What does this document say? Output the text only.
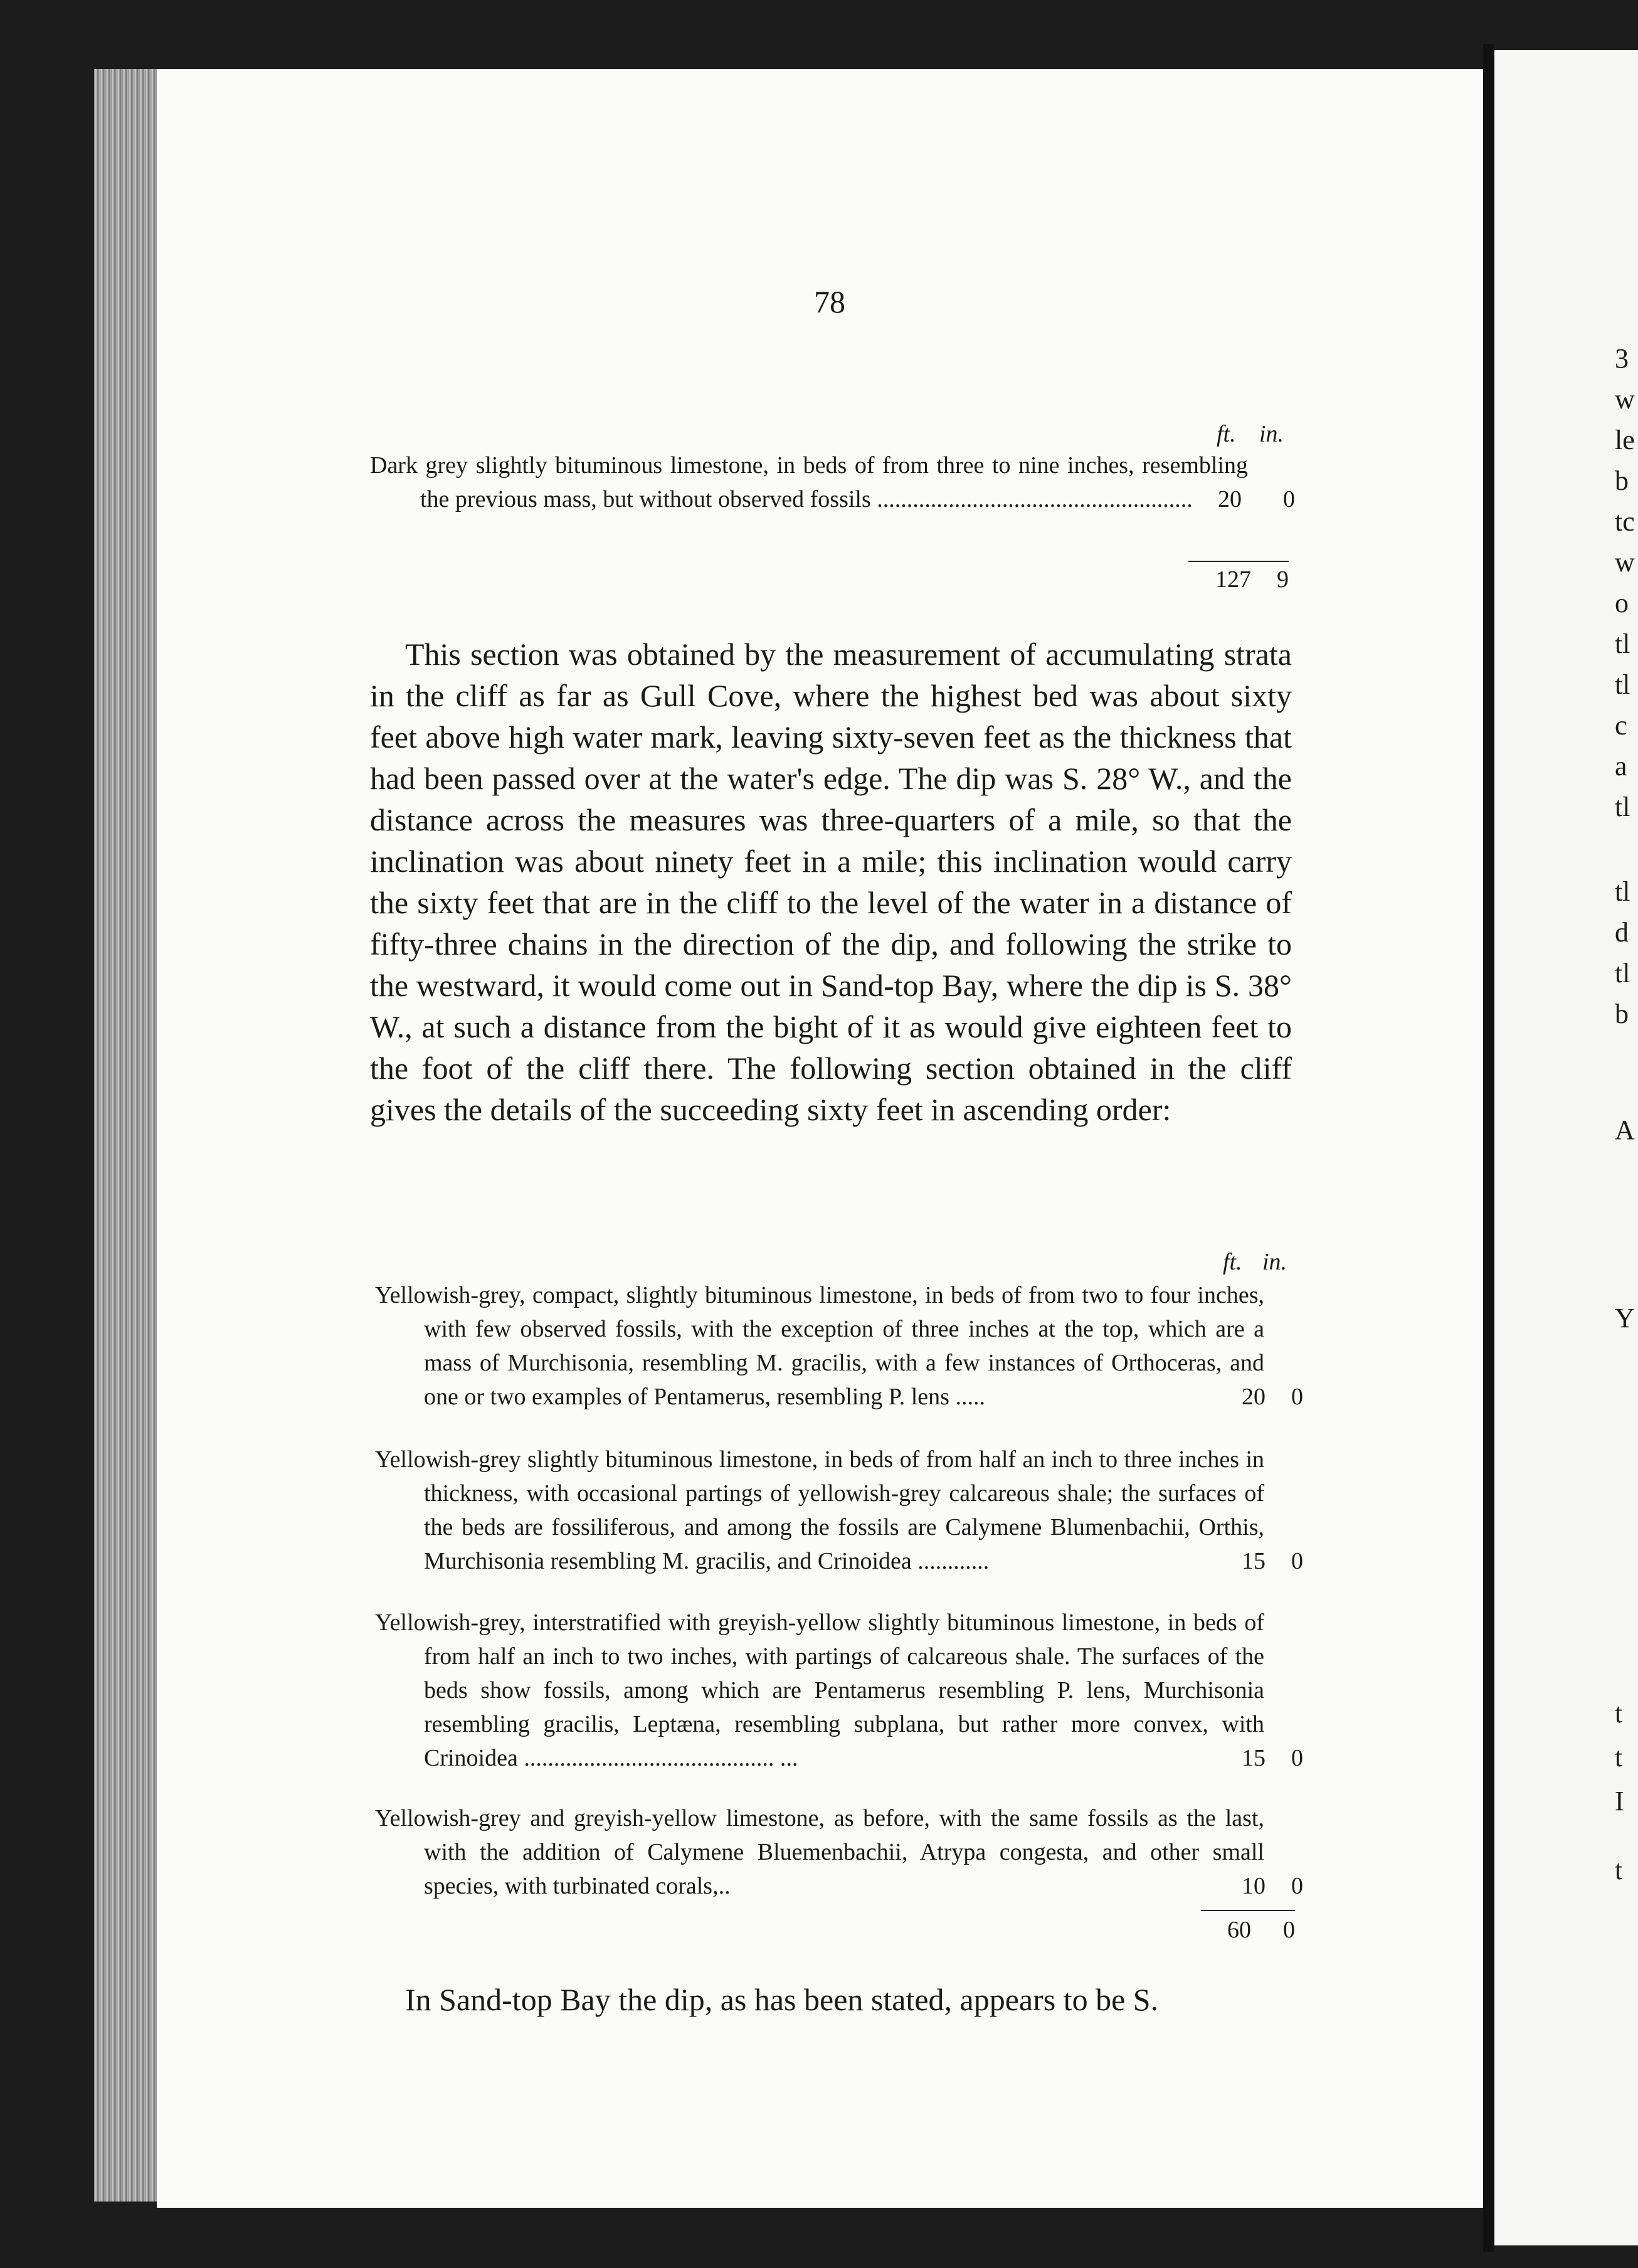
78
ft. in.
Dark grey slightly bituminous limestone, in beds of from three to nine inches, resembling the previous mass, but without observed fossils .....................................................	20	0
127	9
This section was obtained by the measurement of accumulating strata in the cliff as far as Gull Cove, where the highest bed was about sixty feet above high water mark, leaving sixty-seven feet as the thickness that had been passed over at the water's edge. The dip was S. 28° W., and the distance across the measures was three-quarters of a mile, so that the inclination was about ninety feet in a mile; this inclination would carry the sixty feet that are in the cliff to the level of the water in a distance of fifty-three chains in the direction of the dip, and following the strike to the westward, it would come out in Sand-top Bay, where the dip is S. 38° W., at such a distance from the bight of it as would give eighteen feet to the foot of the cliff there. The following section obtained in the cliff gives the details of the succeeding sixty feet in ascending order:
ft. in.
Yellowish-grey, compact, slightly bituminous limestone, in beds of from two to four inches, with few observed fossils, with the exception of three inches at the top, which are a mass of Murchisonia, resembling M. gracilis, with a few instances of Orthoceras, and one or two examples of Pentamerus, resembling P. lens .....	20	0
Yellowish-grey slightly bituminous limestone, in beds of from half an inch to three inches in thickness, with occasional partings of yellowish-grey calcareous shale; the surfaces of the beds are fossiliferous, and among the fossils are Calymene Blumenbachii, Orthis, Murchisonia resembling M. gracilis, and Crinoidea ............	15	0
Yellowish-grey, interstratified with greyish-yellow slightly bituminous limestone, in beds of from half an inch to two inches, with partings of calcareous shale. The surfaces of the beds show fossils, among which are Pentamerus resembling P. lens, Murchisonia resembling gracilis, Leptæna, resembling subplana, but rather more convex, with Crinoidea .......................................... ...	15	0
Yellowish-grey and greyish-yellow limestone, as before, with the same fossils as the last, with the addition of Calymene Bluemenbachii, Atrypa congesta, and other small species, with turbinated corals,..	10	0
60	0
In Sand-top Bay the dip, as has been stated, appears to be S.
3
w
le
b
tc
w
o
tl
tl
c
a
tl
tl
d
tl
b
A
Y
t
t
I
t
